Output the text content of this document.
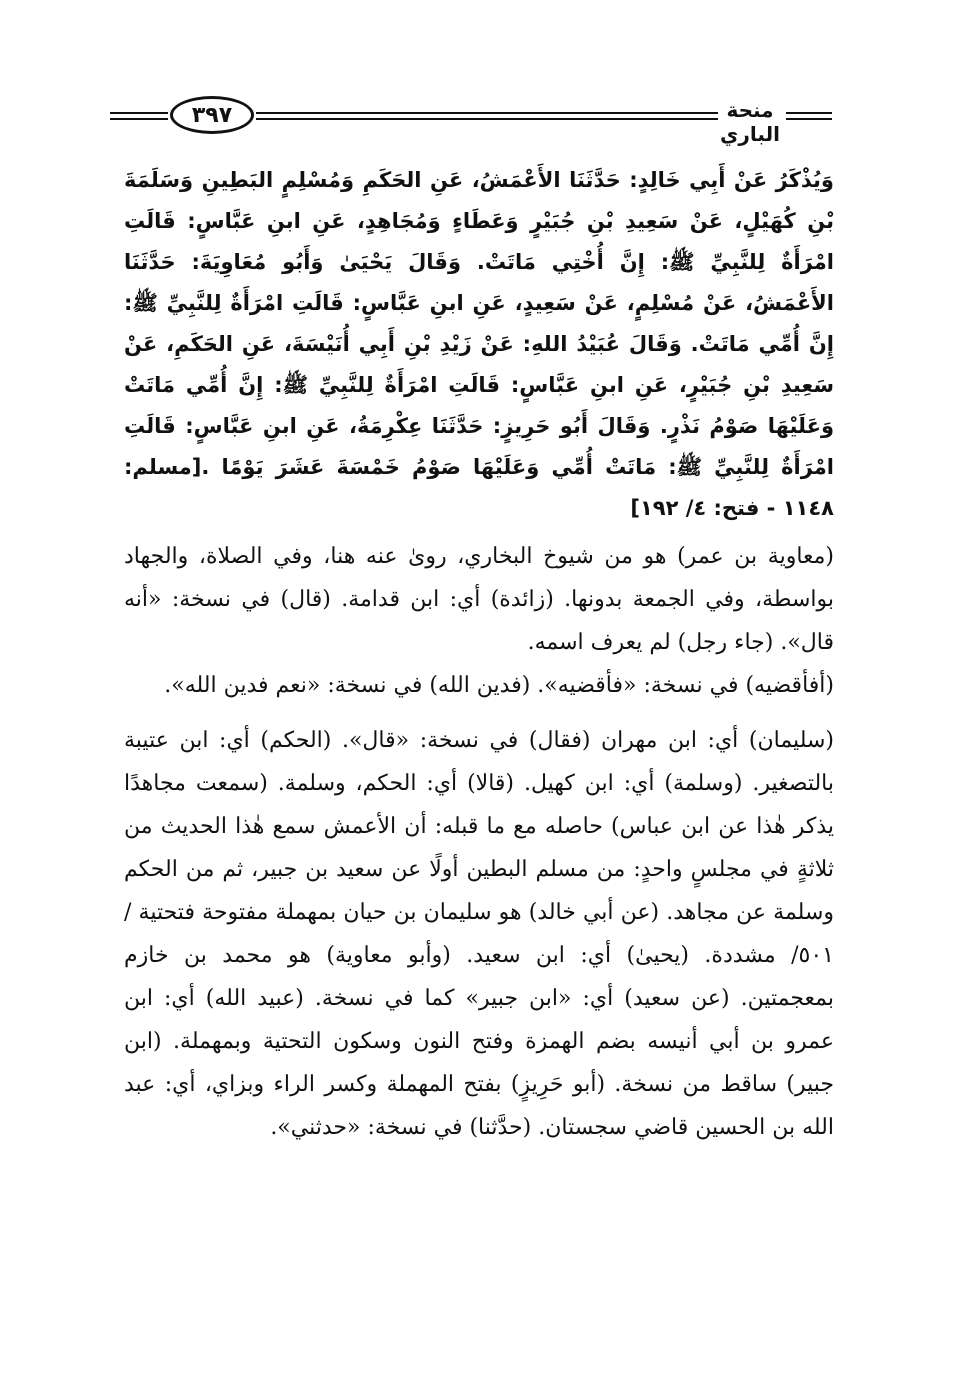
٣٩٧	منحة الباري

وَيُذْكَرُ عَنْ أَبِي خَالِدٍ: حَدَّثَنَا الأَعْمَشُ، عَنِ الحَكَمِ وَمُسْلِمٍ البَطِينِ وَسَلَمَةَ بْنِ كُهَيْلٍ، عَنْ سَعِيدِ بْنِ جُبَيْرٍ وَعَطَاءٍ وَمُجَاهِدٍ، عَنِ ابنِ عَبَّاسٍ: قَالَتِ امْرَأَةٌ لِلنَّبِيِّ ﷺ: إِنَّ أُخْتِي مَاتَتْ. وَقَالَ يَحْيَىٰ وَأَبُو مُعَاوِيَةَ: حَدَّثَنَا الأَعْمَشُ، عَنْ مُسْلِمٍ، عَنْ سَعِيدٍ، عَنِ ابنِ عَبَّاسٍ: قَالَتِ امْرَأَةٌ لِلنَّبِيِّ ﷺ: إِنَّ أُمِّي مَاتَتْ. وَقَالَ عُبَيْدُ اللهِ: عَنْ زَيْدِ بْنِ أَبِي أُنَيْسَةَ، عَنِ الحَكَمِ، عَنْ سَعِيدِ بْنِ جُبَيْرٍ، عَنِ ابنِ عَبَّاسٍ: قَالَتِ امْرَأَةٌ لِلنَّبِيِّ ﷺ: إِنَّ أُمِّي مَاتَتْ وَعَلَيْهَا صَوْمُ نَذْرٍ. وَقَالَ أَبُو حَرِيزٍ: حَدَّثَنَا عِكْرِمَةُ، عَنِ ابنِ عَبَّاسٍ: قَالَتِ امْرَأَةٌ لِلنَّبِيِّ ﷺ: مَاتَتْ أُمِّي وَعَلَيْهَا صَوْمُ خَمْسَةَ عَشَرَ يَوْمًا .[مسلم: ١١٤٨ - فتح: ٤/ ١٩٢]

(معاوية بن عمر) هو من شيوخ البخاري، روىٰ عنه هنا، وفي الصلاة، والجهاد بواسطة، وفي الجمعة بدونها. (زائدة) أي: ابن قدامة. (قال) في نسخة: «أنه قال». (جاء رجل) لم يعرف اسمه.

(أفأقضيه) في نسخة: «فأقضيه». (فدين الله) في نسخة: «نعم فدين الله».

(سليمان) أي: ابن مهران (فقال) في نسخة: «قال». (الحكم) أي: ابن عتيبة بالتصغير. (وسلمة) أي: ابن كهيل. (قالا) أي: الحكم، وسلمة. (سمعت مجاهدًا يذكر هٰذا عن ابن عباس) حاصله مع ما قبله: أن الأعمش سمع هٰذا الحديث من ثلاثةٍ في مجلسٍ واحدٍ: من مسلم البطين أولًا عن سعيد بن جبير، ثم من الحكم وسلمة عن مجاهد. (عن أبي خالد) هو سليمان بن حيان بمهملة مفتوحة فتحتية / ٥٠١/ مشددة. (يحيىٰ) أي: ابن سعيد. (وأبو معاوية) هو محمد بن خازم بمعجمتين. (عن سعيد) أي: «ابن جبير» كما في نسخة. (عبيد الله) أي: ابن عمرو بن أبي أنيسه بضم الهمزة وفتح النون وسكون التحتية وبمهملة. (ابن جبير) ساقط من نسخة. (أبو حَرِيزٍ) بفتح المهملة وكسر الراء وبزاي، أي: عبد الله بن الحسين قاضي سجستان. (حدَّثنا) في نسخة: «حدثني».
